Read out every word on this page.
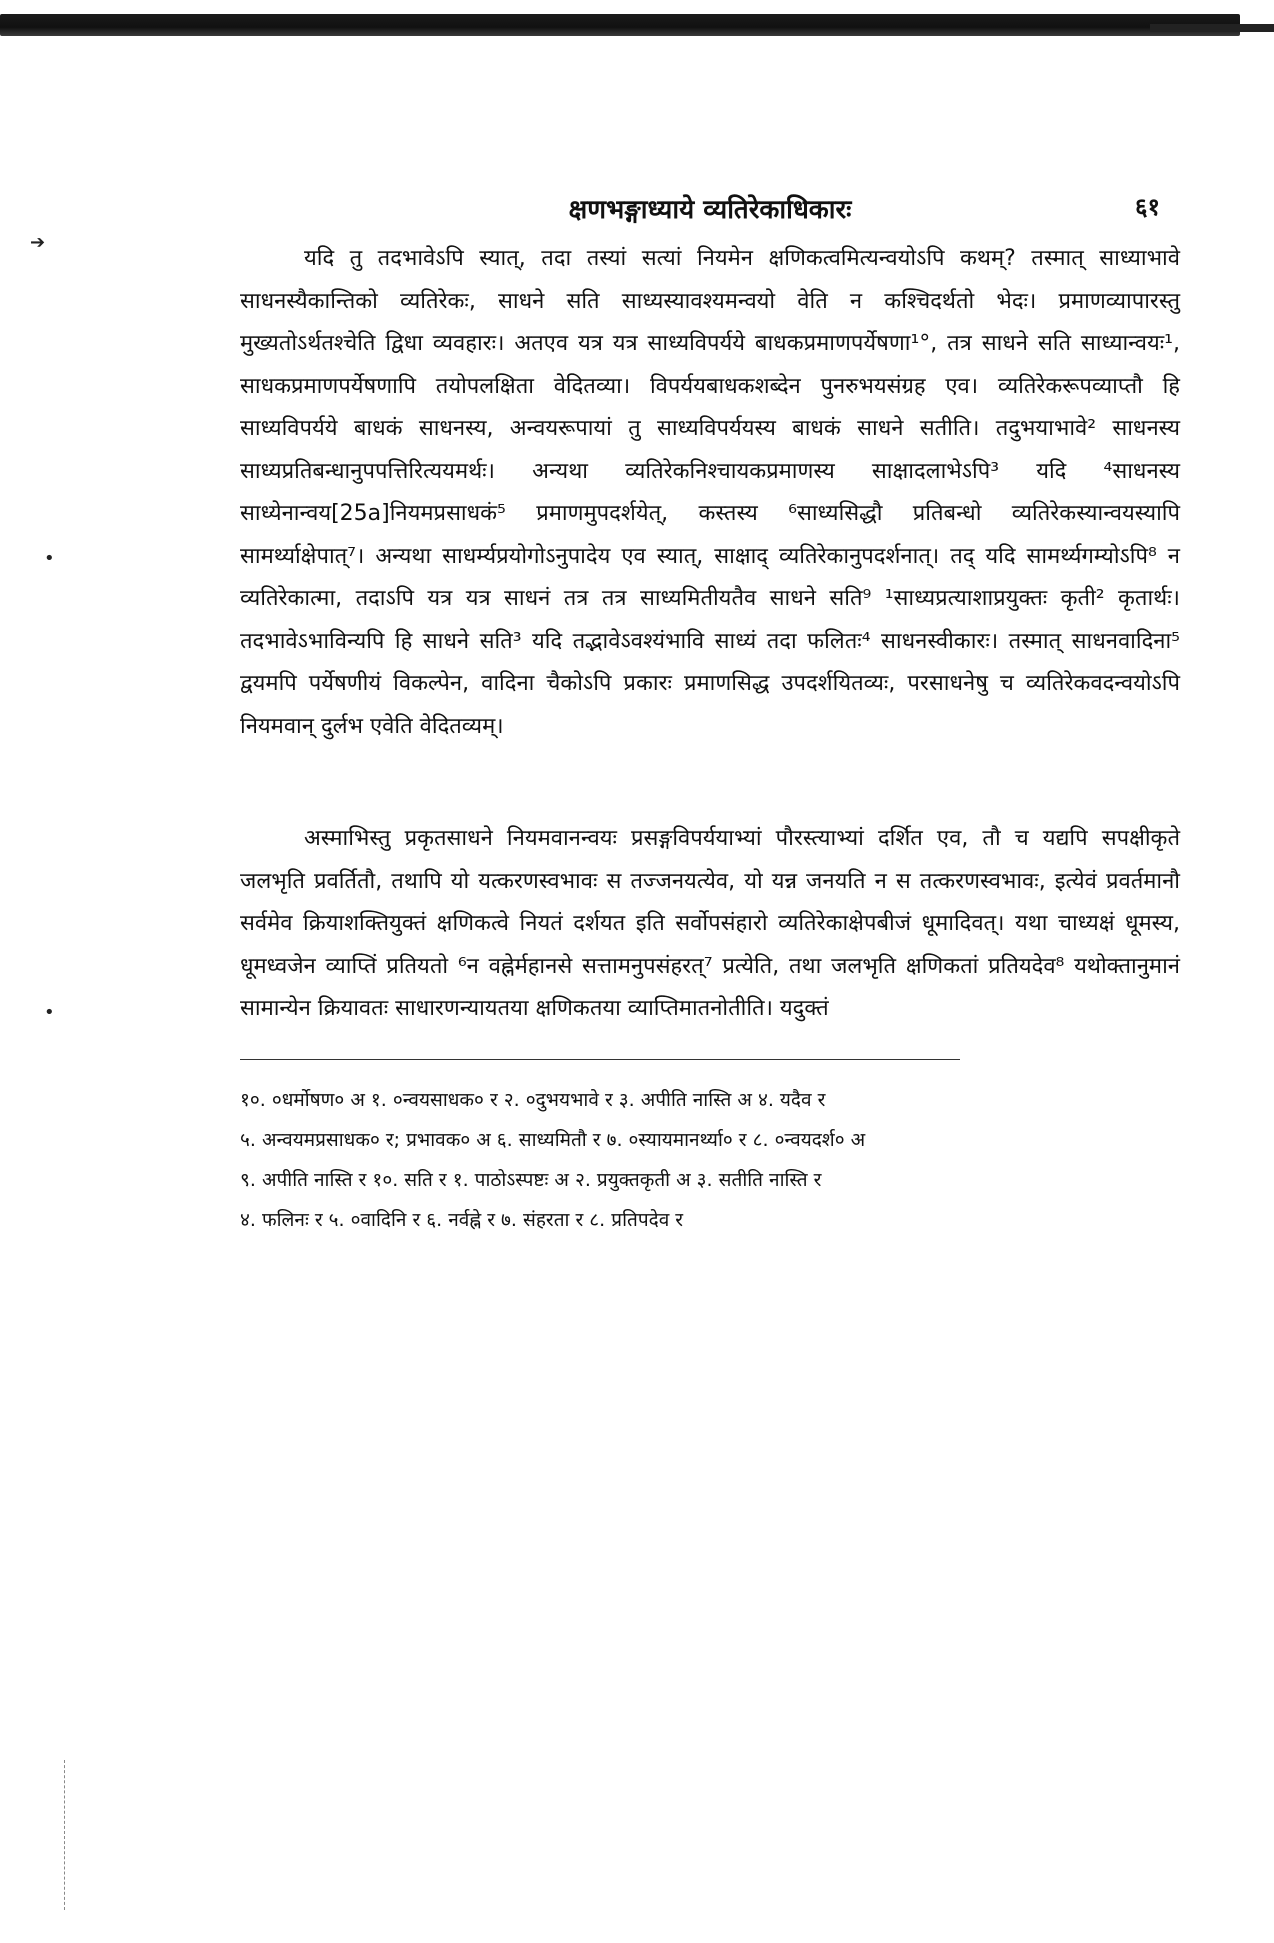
➔
•
•
क्षणभङ्गाध्याये व्यतिरेकाधिकारः	६१

यदि तु तदभावेऽपि स्यात्, तदा तस्यां सत्यां नियमेन क्षणिकत्वमित्यन्वयोऽपि कथम्? तस्मात् साध्याभावे साधनस्यैकान्तिको व्यतिरेकः, साधने सति साध्यस्यावश्यमन्वयो वेति न कश्चिदर्थतो भेदः। प्रमाणव्यापारस्तु मुख्यतोऽर्थतश्चेति द्विधा व्यवहारः। अतएव यत्र यत्र साध्यविपर्यये बाधकप्रमाणपर्येषणा¹°, तत्र साधने सति साध्यान्वयः¹, साधकप्रमाणपर्येषणापि तयोपलक्षिता वेदितव्या। विपर्ययबाधकशब्देन पुनरुभयसंग्रह एव। व्यतिरेकरूपव्याप्तौ हि साध्यविपर्यये बाधकं साधनस्य, अन्वयरूपायां तु साध्यविपर्ययस्य बाधकं साधने सतीति। तदुभयाभावे² साधनस्य साध्यप्रतिबन्धानुपपत्तिरित्ययमर्थः। अन्यथा व्यतिरेकनिश्चायकप्रमाणस्य साक्षादलाभेऽपि³ यदि ⁴साधनस्य साध्येनान्वय[25a]नियमप्रसाधकं⁵ प्रमाणमुपदर्शयेत्, कस्तस्य ⁶साध्यसिद्धौ प्रतिबन्धो व्यतिरेकस्यान्वयस्यापि सामर्थ्याक्षेपात्⁷। अन्यथा साधर्म्यप्रयोगोऽनुपादेय एव स्यात्, साक्षाद् व्यतिरेकानुपदर्शनात्। तद् यदि सामर्थ्यगम्योऽपि⁸ न व्यतिरेकात्मा, तदाऽपि यत्र यत्र साधनं तत्र तत्र साध्यमितीयतैव साधने सति⁹ ¹साध्यप्रत्याशाप्रयुक्तः कृती² कृतार्थः। तदभावेऽभाविन्यपि हि साधने सति³ यदि तद्भावेऽवश्यंभावि साध्यं तदा फलितः⁴ साधनस्वीकारः। तस्मात् साधनवादिना⁵ द्वयमपि पर्येषणीयं विकल्पेन, वादिना चैकोऽपि प्रकारः प्रमाणसिद्ध उपदर्शयितव्यः, परसाधनेषु च व्यतिरेकवदन्वयोऽपि नियमवान् दुर्लभ एवेति वेदितव्यम्।

अस्माभिस्तु प्रकृतसाधने नियमवानन्वयः प्रसङ्गविपर्ययाभ्यां पौरस्त्याभ्यां दर्शित एव, तौ च यद्यपि सपक्षीकृते जलभृति प्रवर्तितौ, तथापि यो यत्करणस्वभावः स तज्जनयत्येव, यो यन्न जनयति न स तत्करणस्वभावः, इत्येवं प्रवर्तमानौ सर्वमेव क्रियाशक्तियुक्तं क्षणिकत्वे नियतं दर्शयत इति सर्वोपसंहारो व्यतिरेकाक्षेपबीजं धूमादिवत्। यथा चाध्यक्षं धूमस्य, धूमध्वजेन व्याप्तिं प्रतियतो ⁶न वह्नेर्महानसे सत्तामनुपसंहरत्⁷ प्रत्येति, तथा जलभृति क्षणिकतां प्रतियदेव⁸ यथोक्तानुमानं सामान्येन क्रियावतः साधारणन्यायतया क्षणिकतया व्याप्तिमातनोतीति। यदुक्तं

१०. ०धर्मोषण० अ १. ०न्वयसाधक० र २. ०दुभयभावे र ३. अपीति नास्ति अ ४. यदैव र
५. अन्वयमप्रसाधक० र; प्रभावक० अ ६. साध्यमितौ र ७. ०स्यायमानर्थ्या० र ८. ०न्वयदर्श० अ
९. अपीति नास्ति र १०. सति र १. पाठोऽस्पष्टः अ २. प्रयुक्तकृती अ ३. सतीति नास्ति र
४. फलिनः र ५. ०वादिनि र ६. नर्वह्ने र ७. संहरता र ८. प्रतिपदेव र
